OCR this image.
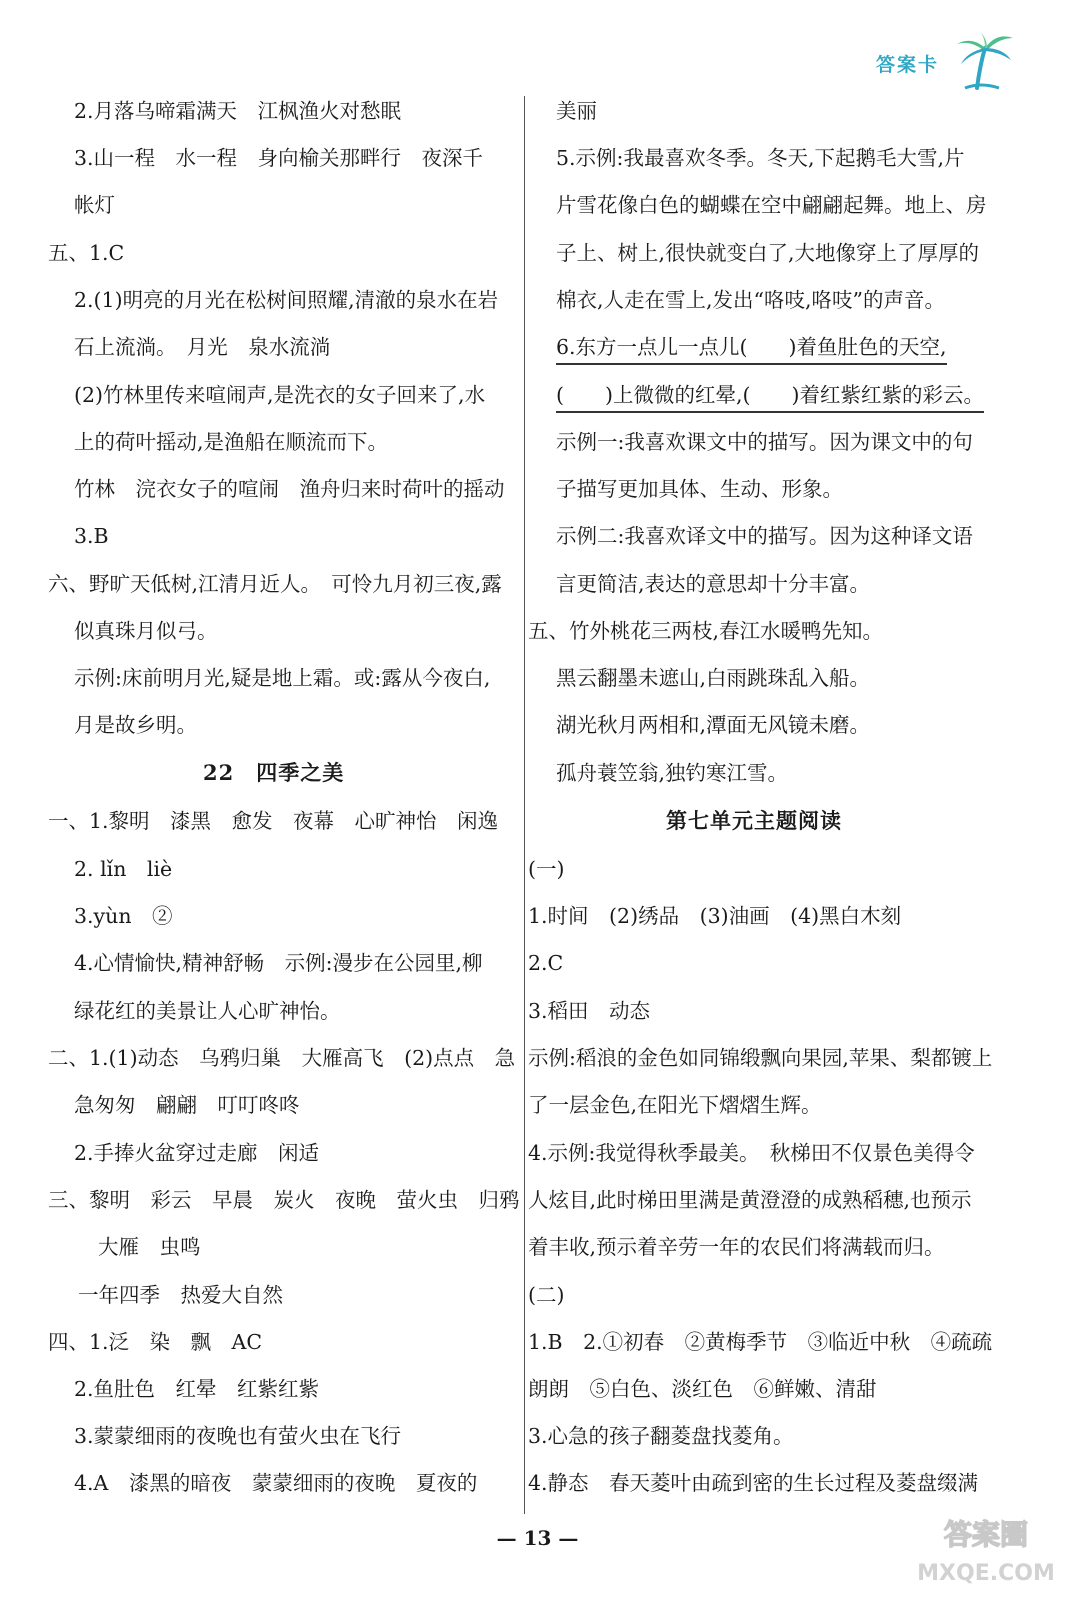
答案卡
2.月落乌啼霜满天　江枫渔火对愁眠
3.山一程　水一程　身向榆关那畔行　夜深千
帐灯
五、1.C
2.(1)明亮的月光在松树间照耀,清澈的泉水在岩
石上流淌。　月光　泉水流淌
(2)竹林里传来喧闹声,是洗衣的女子回来了,水
上的荷叶摇动,是渔船在顺流而下。
竹林　浣衣女子的喧闹　渔舟归来时荷叶的摇动
3.B
六、野旷天低树,江清月近人。　可怜九月初三夜,露
似真珠月似弓。
示例:床前明月光,疑是地上霜。或:露从今夜白,
月是故乡明。
22　四季之美
一、1.黎明　漆黑　愈发　夜幕　心旷神怡　闲逸
2. lǐn　liè
3.yùn　②
4.心情愉快,精神舒畅　示例:漫步在公园里,柳
绿花红的美景让人心旷神怡。
二、1.(1)动态　乌鸦归巢　大雁高飞　(2)点点　急
急匆匆　翩翩　叮叮咚咚
2.手捧火盆穿过走廊　闲适
三、黎明　彩云　早晨　炭火　夜晚　萤火虫　归鸦
大雁　虫鸣
一年四季　热爱大自然
四、1.泛　染　飘　AC
2.鱼肚色　红晕　红紫红紫
3.蒙蒙细雨的夜晚也有萤火虫在飞行
4.A　漆黑的暗夜　蒙蒙细雨的夜晚　夏夜的
美丽
5.示例:我最喜欢冬季。冬天,下起鹅毛大雪,片
片雪花像白色的蝴蝶在空中翩翩起舞。地上、房
子上、树上,很快就变白了,大地像穿上了厚厚的
棉衣,人走在雪上,发出“咯吱,咯吱”的声音。
6.东方一点儿一点儿(　　)着鱼肚色的天空,
(　　)上微微的红晕,(　　)着红紫红紫的彩云。
示例一:我喜欢课文中的描写。因为课文中的句
子描写更加具体、生动、形象。
示例二:我喜欢译文中的描写。因为这种译文语
言更简洁,表达的意思却十分丰富。
五、竹外桃花三两枝,春江水暖鸭先知。
黑云翻墨未遮山,白雨跳珠乱入船。
湖光秋月两相和,潭面无风镜未磨。
孤舟蓑笠翁,独钓寒江雪。
第七单元主题阅读
(一)
1.时间　(2)绣品　(3)油画　(4)黑白木刻
2.C
3.稻田　动态
示例:稻浪的金色如同锦缎飘向果园,苹果、梨都镀上
了一层金色,在阳光下熠熠生辉。
4.示例:我觉得秋季最美。　秋梯田不仅景色美得令
人炫目,此时梯田里满是黄澄澄的成熟稻穗,也预示
着丰收,预示着辛劳一年的农民们将满载而归。
(二)
1.B　2.①初春　②黄梅季节　③临近中秋　④疏疏
朗朗　⑤白色、淡红色　⑥鲜嫩、清甜
3.心急的孩子翻菱盘找菱角。
4.静态　春天菱叶由疏到密的生长过程及菱盘缀满
— 13 —	答案圈
MXQE.COM
